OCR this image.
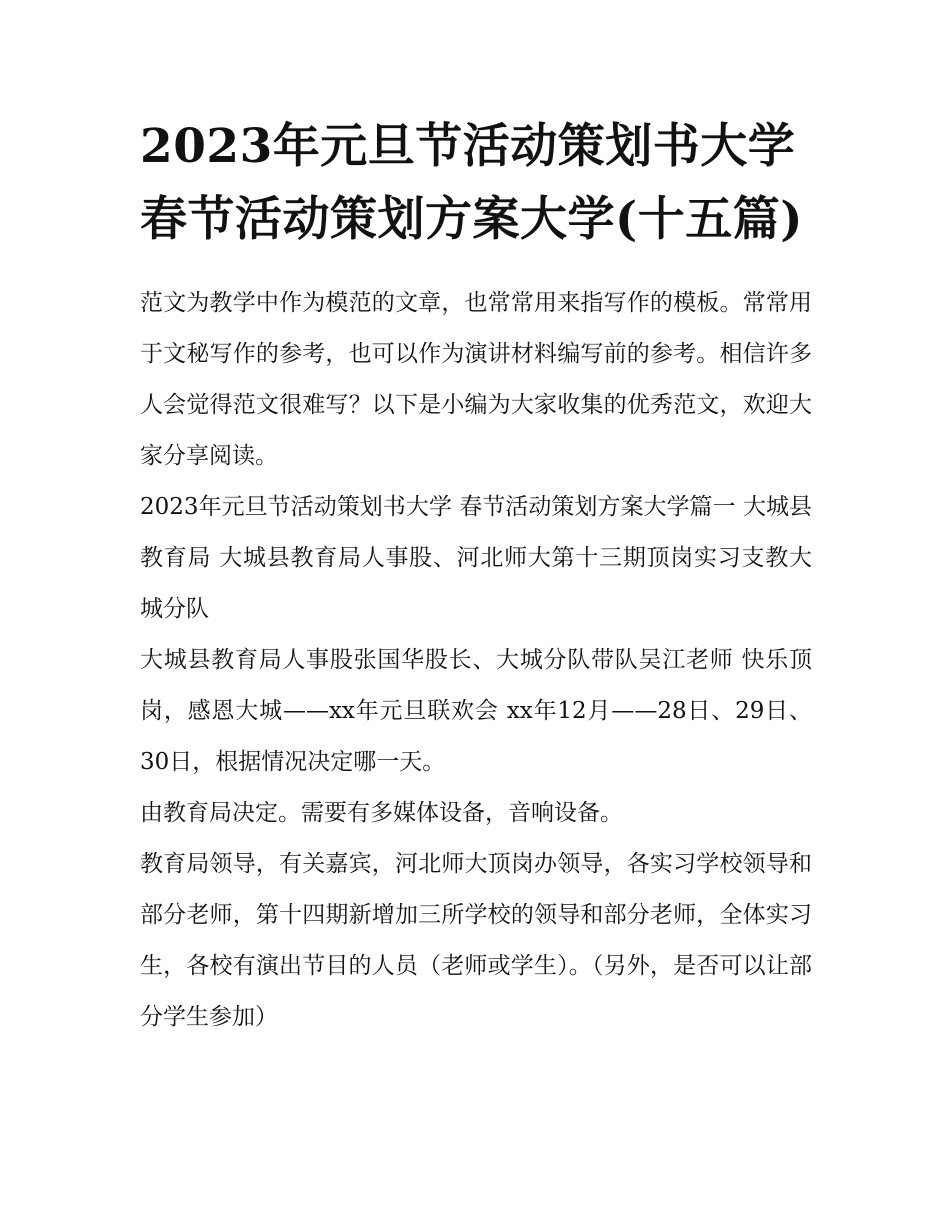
2023年元旦节活动策划书大学 春节活动策划方案大学(十五篇)

范文为教学中作为模范的文章，也常常用来指写作的模板。常常用于文秘写作的参考，也可以作为演讲材料编写前的参考。相信许多人会觉得范文很难写？以下是小编为大家收集的优秀范文，欢迎大家分享阅读。

2023年元旦节活动策划书大学 春节活动策划方案大学篇一 大城县教育局 大城县教育局人事股、河北师大第十三期顶岗实习支教大城分队

大城县教育局人事股张国华股长、大城分队带队吴江老师 快乐顶岗，感恩大城——xx年元旦联欢会 xx年12月——28日、29日、30日，根据情况决定哪一天。

由教育局决定。需要有多媒体设备，音响设备。

教育局领导，有关嘉宾，河北师大顶岗办领导，各实习学校领导和部分老师，第十四期新增加三所学校的领导和部分老师，全体实习生，各校有演出节目的人员（老师或学生）。（另外，是否可以让部分学生参加）
